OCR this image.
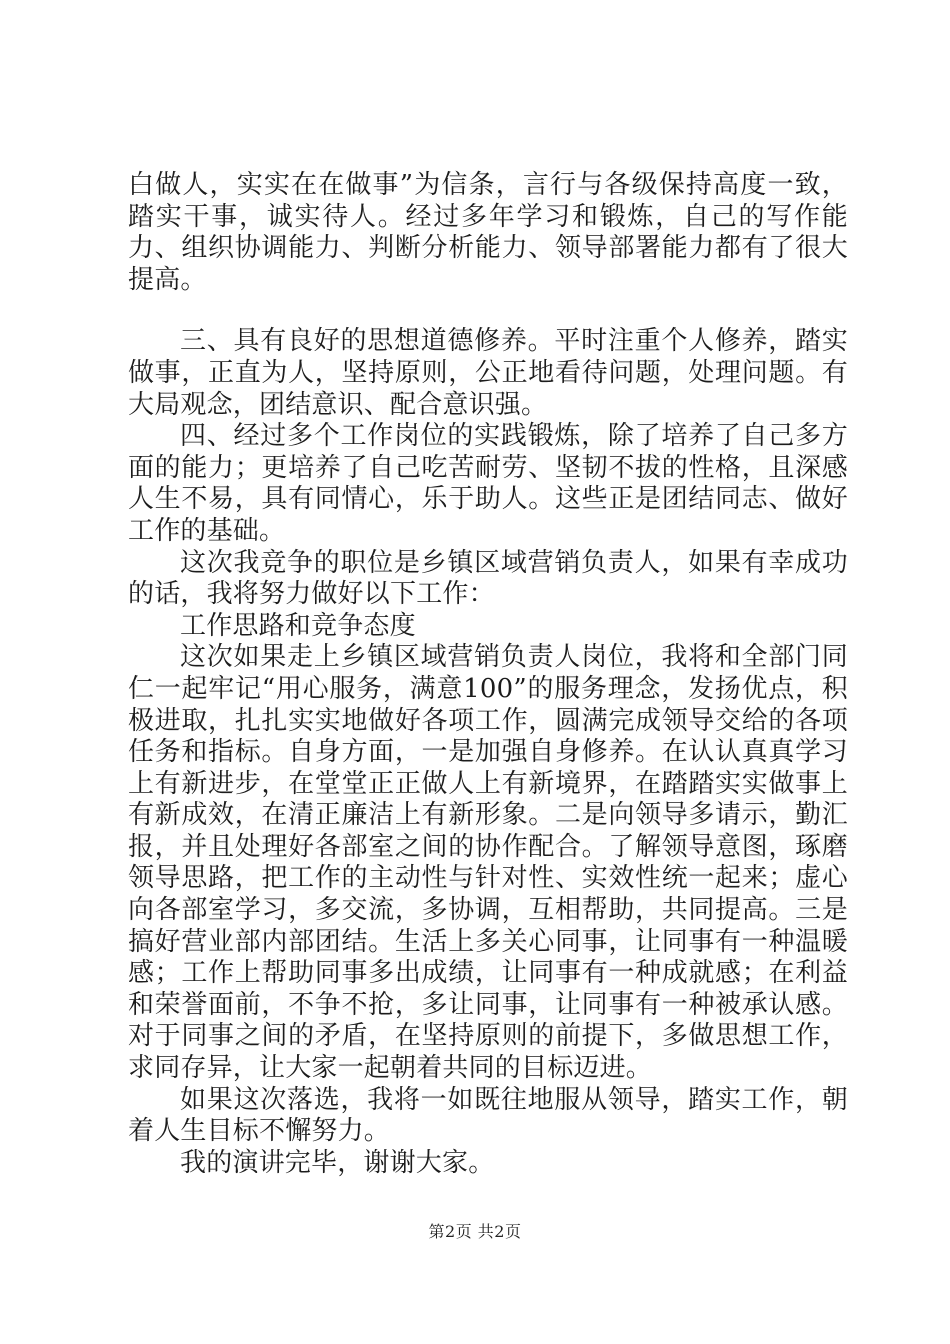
白做人，实实在在做事”为信条，言行与各级保持高度一致，踏实干事，诚实待人。经过多年学习和锻炼，自己的写作能力、组织协调能力、判断分析能力、领导部署能力都有了很大提高。

三、具有良好的思想道德修养。平时注重个人修养，踏实做事，正直为人，坚持原则，公正地看待问题，处理问题。有大局观念，团结意识、配合意识强。

四、经过多个工作岗位的实践锻炼，除了培养了自己多方面的能力；更培养了自己吃苦耐劳、坚韧不拔的性格，且深感人生不易，具有同情心，乐于助人。这些正是团结同志、做好工作的基础。

这次我竞争的职位是乡镇区域营销负责人，如果有幸成功的话，我将努力做好以下工作：

工作思路和竞争态度

这次如果走上乡镇区域营销负责人岗位，我将和全部门同仁一起牢记“用心服务，满意100”的服务理念，发扬优点，积极进取，扎扎实实地做好各项工作，圆满完成领导交给的各项任务和指标。自身方面，一是加强自身修养。在认认真真学习上有新进步，在堂堂正正做人上有新境界，在踏踏实实做事上有新成效，在清正廉洁上有新形象。二是向领导多请示，勤汇报，并且处理好各部室之间的协作配合。了解领导意图，琢磨领导思路，把工作的主动性与针对性、实效性统一起来；虚心向各部室学习，多交流，多协调，互相帮助，共同提高。三是搞好营业部内部团结。生活上多关心同事，让同事有一种温暖感；工作上帮助同事多出成绩，让同事有一种成就感；在利益和荣誉面前，不争不抢，多让同事，让同事有一种被承认感。对于同事之间的矛盾，在坚持原则的前提下，多做思想工作，求同存异，让大家一起朝着共同的目标迈进。

如果这次落选，我将一如既往地服从领导，踏实工作，朝着人生目标不懈努力。

我的演讲完毕，谢谢大家。

第2页 共2页
